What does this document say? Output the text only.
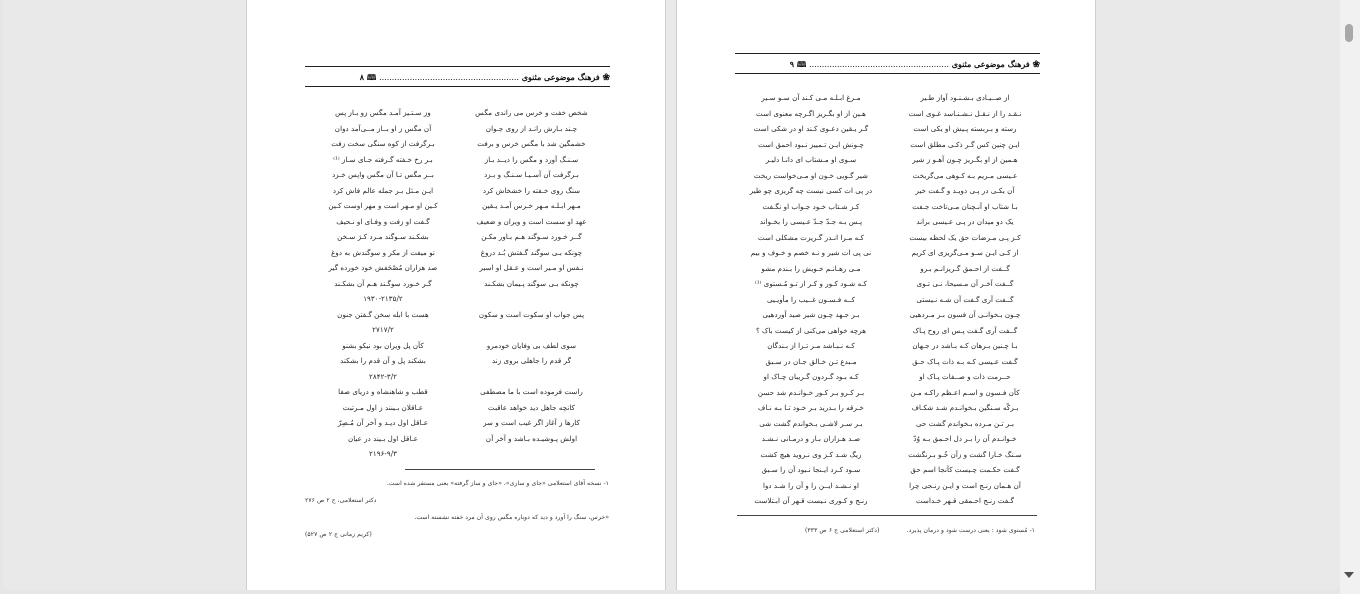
❀ فرهنگ موضوعی مثنوی ....................................................... 🕮 ۸
شخص خفت و خرس می راندی مگس
چـند بـارش رانـد از روی جـوان
خشمگین شد با مگس خرس و برفت
سـنـگ آورد و مگس را دیــد بـاز
بـرگرفت آن آسـیـا سـنـگ و بـزد
سنگ روی خـفته را خشخاش کرد
مـهر ابـلـه مـهر خـرس آمـد یـقین
عهد او سست است و ویران و ضعیف
گــر خـورد سـوگند هـم بـاور مکـن
چونکه بـی سوگند گـفتش بُـد دروغ
نـفس او مـیر است و عـقل او اسیر
چونکه بـی سوگند پـیمان بشکـند
پس جواب او سکوت است و سکون
سوی لطف بی وفایان خودمرو
گر قدم را جاهلی بروی زند
راست فرموده است با ما مصطفی
کانچه جاهل دید خواهد عاقبت
کارها ز آغاز اگر غیب است و سر
اولش پـوشیـده بـاشد و آخر آن
وز سـتـیز آمـد مگس زو بـاز پس
آن مگس ز او بــاز مــی‌آمد دوان
بـرگرفت از کوه سنگی سخت زفت
بـر رخ خـفته گـرفته جـای سـاز ⁽¹⁾
بــر مگس تـا آن مگس واپس خـزد
ایـن مـثل بـر جمله عالم فاش کرد
کـین او مـهر است و مهر اوست کـین
گـفت او زفت و وفـای او نـحیف
بشکـند سـوگند مـرد کـژ سـخن
تو میفت از مکر و سوگندش به دوغ
صد هزاران مُصْحَفش خود خورده گیر
گـر خـورد سوگـند هـم آن بشکـند
۱۹۳۰-۲۱۳۵/۲
هست با ابله سخن گـفتن جنون
۲۷۱۷/۲
کآن پل ویران بود نیکو بشنو
بشکند پل و آن قدم را بشکند
۲۸۴۲-۳/۲
قطب و شاهنشاه و دریای صفا
عـاقلان بـینند ز اول مـرتبت
عـاقل اول دیـد و آخر آن مُـصِرّ
عـاقل اول بـیند در عیان
۲۱۹۶-۹/۳
۱- نسخه آقای استعلامی «جای و سازی»، «جای و ساز گرفته» یعنی مستقر شده است.
دکتر استعلامی، ج ۲ ص ۲۷۶
«خرس، سنگ را آورد و دید که دوباره مگس روی آن مرد خفته نشسته است.
(کریم زمانی ج ۲ ص ۵۲۷)
❀ فرهنگ موضوعی مثنوی ....................................................... 🕮 ۹
از صــیـادی بـشـنـود آواز طـیر
نـقـد را از نـقـل نـشـنـاسد غـوی است
رسته و بـربسته پـیش او یکی است
ایـن چنین کس گـر ذکـی مطلق است
هـمین از او بگـریز چـون آهـو ز شیر
عـیسی مـریم بـه کـوهی می‌گریخت
آن یکـی در پـی دویـد و گـفت خیر
بـا شتاب او آنـچنان مـی‌تاخت جـفت
یک دو میدان در پـی عـیسی براند
کـز پـی مـرضات حق یک لحظه بیست
از کـی ایـن سـو مـی‌گریزی ای کریم
گــفت از احـمق گـریزانـم بـرو
گــفت آخـر آن مـسیحا، نـی تـوی
گــفت آری گـفت آن شـه نـیستی
چـون بـخوانـی آن فسون بـر مـردهیی
گــفت آری گـفت پـس ای روح پـاک
بـا چـنین بـرهان کـه بـاشد در جـهان
گـفت عـیسی کـه بـه ذات پـاک حـق
حــرمت ذات و صــفات پـاک او
کآن فـسون و اسـم اعـظم راکـه مـن
بـرکّه سـنگین بـخوانـدم شـد شکـاف
بـر تـن مـرده بـخواندم گشت حی
خـوانـدم آن را بـر دل احـمق بـه وُدّ
سـنگ خـارا گشت و زآن خُـو بـرنگشت
گـفت حکـمت چـیست کآنجا اسم حق
آن هـمان رنـج است و ایـن رنـجی چرا
گـفت رنـج احـمقی قـهر خـداست
مـرغ ابـلـه مـی کـند آن سـو سـیر
هـین از او بگـریز اگـرچه معنوی است
گـر یـقین دعـوی کـند او در شکی است
چـونش ایـن تـمییز نـبود احمق است
سـوی او مـشتاب ای دانـا دلیـر
شیر گـویی خـون او مـی‌خواست ریخت
در پی ات کسی نیست چه گریزی چو طیر
کـز شـتاب خـود جـواب او نگـفت
پـس بـه جـدّ جـدّ عـیسی را بخـواند
کـه مـرا انـدر گـریزت مشکلی است
نی پی ات شیر و نـه خصم و خـوف و بیم
مـی رهـانـم خـویش را بـندم مشو
کـه شـود کـور و کـر از تـو مُـستوی ⁽¹⁾
کــه فـسـون غــیب را مأویـیی
بـر جـهد چـون شیر صید آوردهیی
هرچه خواهی می‌کنی از کیست باک ؟
کـه نـبـاشد مـر تـرا از بـندگان
مـبدع تـن خـالق جـان در سـبق
کـه بـود گـردون گـریبان چـاک او
بـر کـرو بـر کـور خـوانـدم شد حسن
خـرقه را بـدرید بـر خـود تـا بـه نـاف
بـر سـر لاشـی بـخواندم گشت شی
صـد هـزاران بـار و درمـانی نـشـد
ریگ شـد کـز وی نـروید هیچ کشت
سـود کـرد ایـنجا نـبود آن را سـبق
او نـشـد ایــن را و آن را شـد دوا
رنـج و کـوری نـیست قـهر آن ابـتلاست
۱- مُستوی شود : یعنی درست شود و درمان پذیرد.
(دکتر استعلامی ج ۶ ص ۳۳۳)
